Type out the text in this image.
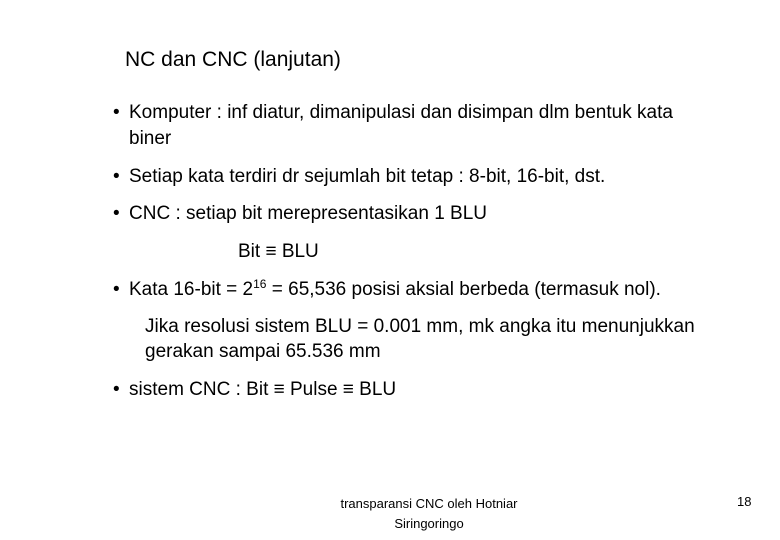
NC dan CNC (lanjutan)
• Komputer : inf diatur, dimanipulasi dan disimpan dlm bentuk kata
biner
• Setiap kata terdiri dr sejumlah bit tetap : 8-bit, 16-bit, dst.
• CNC : setiap bit merepresentasikan 1 BLU
Bit ≡ BLU
• Kata $16-bit = 2^{16} = 65,536$ posisi aksial berbeda (termasuk nol).
Jika resolusi sistem BLU = 0.001 mm, mk angka itu menunjukkan
gerakan sampai 65.536 mm
• sistem CNC : Bit ≡ Pulse ≡ BLU
transparansi CNC oleh Hotniar
Siringoringo
18
